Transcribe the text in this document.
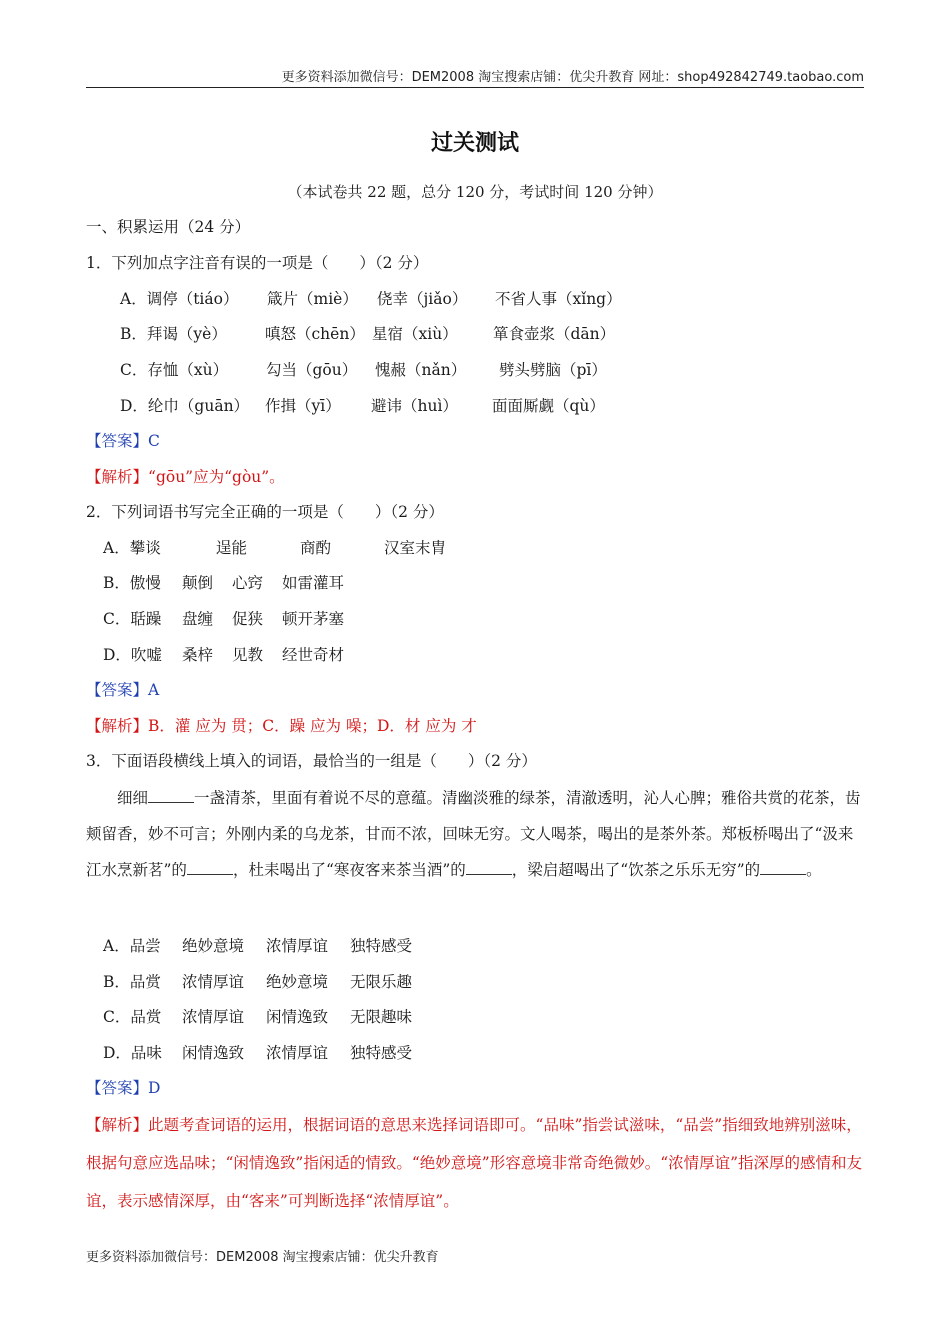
更多资料添加微信号：DEM2008 淘宝搜索店铺：优尖升教育 网址：shop492842749.taobao.com
过关测试
（本试卷共 22 题，总分 120 分，考试时间 120 分钟）
一、积累运用（24 分）
1．下列加点字注音有误的一项是（　　）（2 分）
A．调停（tiáo） 箴片（miè） 侥幸（jiǎo） 不省人事（xǐng）
B．拜谒（yè） 嗔怒（chēn） 星宿（xiù） 箪食壶浆（dān）
C．存恤（xù） 勾当（gōu） 愧赧（nǎn） 劈头劈脑（pī）
D．纶巾（guān） 作揖（yī） 避讳（huì） 面面厮觑（qù）
【答案】C
【解析】“gōu”应为“gòu”。
2．下列词语书写完全正确的一项是（　　）（2 分）
A．攀谈	逞能	商酌	汉室末胄
B．傲慢 颠倒 心窍 如雷灌耳
C．聒躁 盘缠 促狭 顿开茅塞
D．吹嘘 桑梓 见教 经世奇材
【答案】A
【解析】B．灌 应为 贯；C．躁 应为 噪；D．材 应为 才
3．下面语段横线上填入的词语，最恰当的一组是（　　）（2 分）
细细	一盏清茶，里面有着说不尽的意蕴。清幽淡雅的绿茶，清澈透明，沁人心脾；雅俗共赏的花茶，齿颊留香，妙不可言；外刚内柔的乌龙茶，甘而不浓，回味无穷。文人喝茶，喝出的是茶外茶。郑板桥喝出了“汲来江水烹新茗”的	，杜耒喝出了“寒夜客来茶当酒”的	，梁启超喝出了“饮茶之乐乐无穷”的	。
A．品尝 绝妙意境 浓情厚谊 独特感受
B．品赏 浓情厚谊 绝妙意境 无限乐趣
C．品赏 浓情厚谊 闲情逸致 无限趣味
D．品味 闲情逸致 浓情厚谊 独特感受
【答案】D
【解析】此题考查词语的运用，根据词语的意思来选择词语即可。“品味”指尝试滋味，“品尝”指细致地辨别滋味，根据句意应选品味；“闲情逸致”指闲适的情致。“绝妙意境”形容意境非常奇绝微妙。“浓情厚谊”指深厚的感情和友谊，表示感情深厚，由“客来”可判断选择“浓情厚谊”。
更多资料添加微信号：DEM2008 淘宝搜索店铺：优尖升教育
